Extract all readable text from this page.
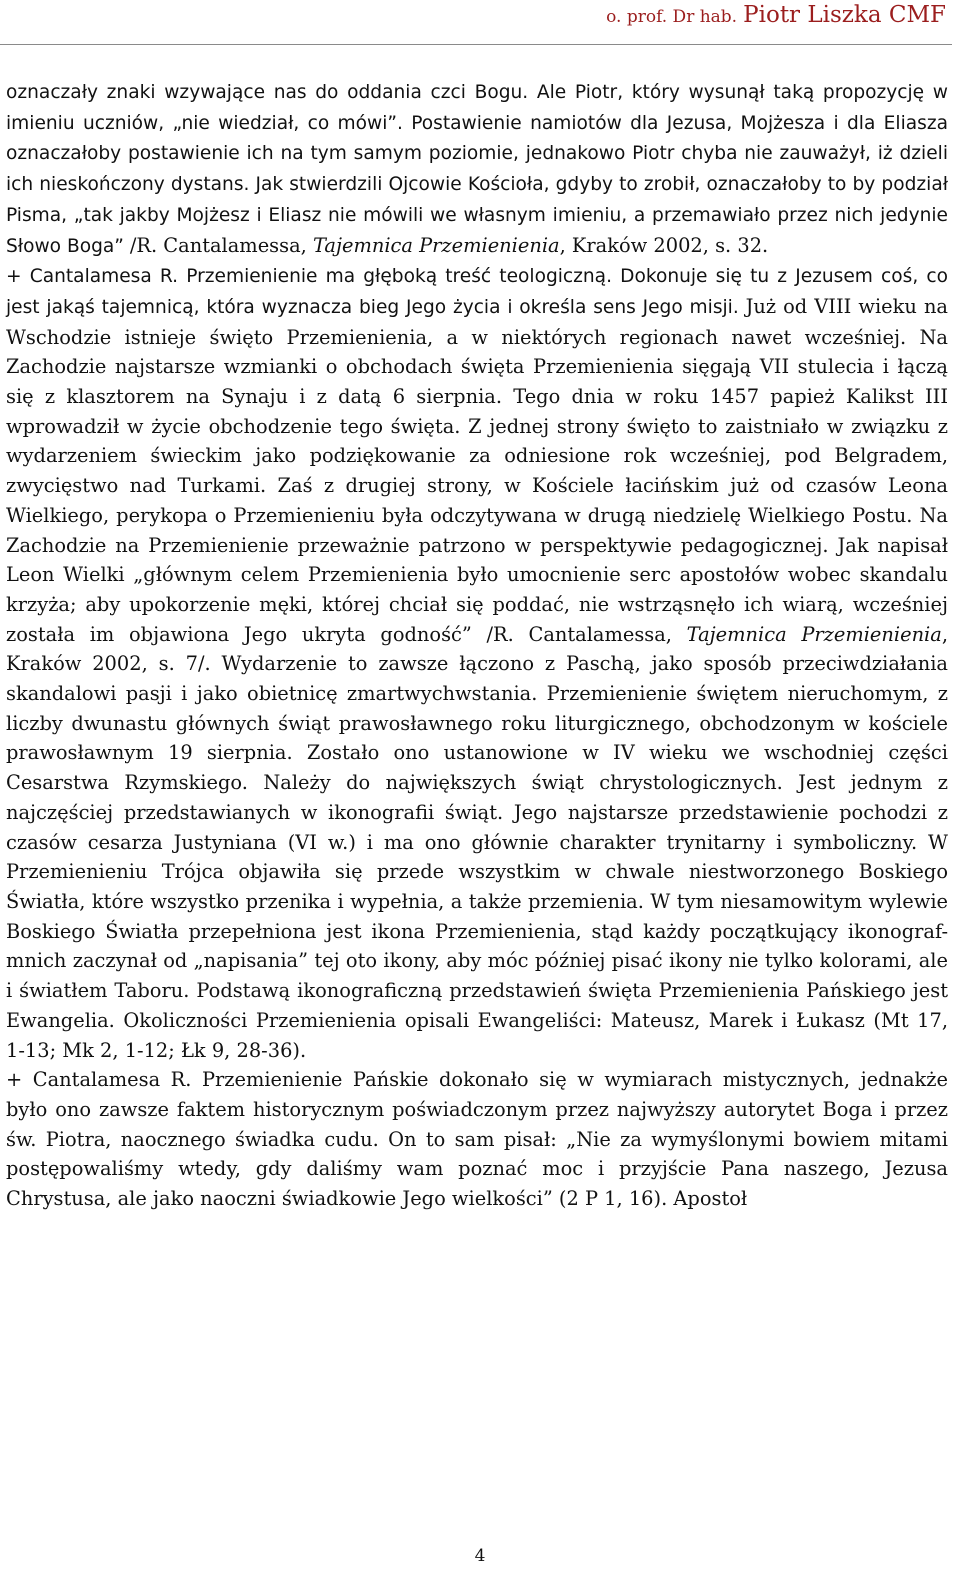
o. prof. Dr hab. Piotr Liszka CMF

oznaczały znaki wzywające nas do oddania czci Bogu. Ale Piotr, który wysunął taką propozycję w imieniu uczniów, „nie wiedział, co mówi”. Postawienie namiotów dla Jezusa, Mojżesza i dla Eliasza oznaczałoby postawienie ich na tym samym poziomie, jednakowo Piotr chyba nie zauważył, iż dzieli ich nieskończony dystans. Jak stwierdzili Ojcowie Kościoła, gdyby to zrobił, oznaczałoby to by podział Pisma, „tak jakby Mojżesz i Eliasz nie mówili we własnym imieniu, a przemawiało przez nich jedynie Słowo Boga” /R. Cantalamessa, Tajemnica Przemienienia, Kraków 2002, s. 32.

+ Cantalamesa R. Przemienienie ma głęboką treść teologiczną. Dokonuje się tu z Jezusem coś, co jest jakąś tajemnicą, która wyznacza bieg Jego życia i określa sens Jego misji. Już od VIII wieku na Wschodzie istnieje święto Przemienienia, a w niektórych regionach nawet wcześniej. Na Zachodzie najstarsze wzmianki o obchodach święta Przemienienia sięgają VII stulecia i łączą się z klasztorem na Synaju i z datą 6 sierpnia. Tego dnia w roku 1457 papież Kalikst III wprowadził w życie obchodzenie tego święta. Z jednej strony święto to zaistniało w związku z wydarzeniem świeckim jako podziękowanie za odniesione rok wcześniej, pod Belgradem, zwycięstwo nad Turkami. Zaś z drugiej strony, w Kościele łacińskim już od czasów Leona Wielkiego, perykopa o Przemienieniu była odczytywana w drugą niedzielę Wielkiego Postu. Na Zachodzie na Przemienienie przeważnie patrzono w perspektywie pedagogicznej. Jak napisał Leon Wielki „głównym celem Przemienienia było umocnienie serc apostołów wobec skandalu krzyża; aby upokorzenie męki, której chciał się poddać, nie wstrząsnęło ich wiarą, wcześniej została im objawiona Jego ukryta godność” /R. Cantalamessa, Tajemnica Przemienienia, Kraków 2002, s. 7/. Wydarzenie to zawsze łączono z Paschą, jako sposób przeciwdziałania skandalowi pasji i jako obietnicę zmartwychwstania. Przemienienie świętem nieruchomym, z liczby dwunastu głównych świąt prawosławnego roku liturgicznego, obchodzonym w kościele prawosławnym 19 sierpnia. Zostało ono ustanowione w IV wieku we wschodniej części Cesarstwa Rzymskiego. Należy do największych świąt chrystologicznych. Jest jednym z najczęściej przedstawianych w ikonografii świąt. Jego najstarsze przedstawienie pochodzi z czasów cesarza Justyniana (VI w.) i ma ono głównie charakter trynitarny i symboliczny. W Przemienieniu Trójca objawiła się przede wszystkim w chwale niestworzonego Boskiego Światła, które wszystko przenika i wypełnia, a także przemienia. W tym niesamowitym wylewie Boskiego Światła przepełniona jest ikona Przemienienia, stąd każdy początkujący ikonograf-mnich zaczynał od „napisania” tej oto ikony, aby móc później pisać ikony nie tylko kolorami, ale i światłem Taboru. Podstawą ikonograficzną przedstawień święta Przemienienia Pańskiego jest Ewangelia. Okoliczności Przemienienia opisali Ewangeliści: Mateusz, Marek i Łukasz (Mt 17, 1-13; Mk 2, 1-12; Łk 9, 28-36).

+ Cantalamesa R. Przemienienie Pańskie dokonało się w wymiarach mistycznych, jednakże było ono zawsze faktem historycznym poświadczonym przez najwyższy autorytet Boga i przez św. Piotra, naocznego świadka cudu. On to sam pisał: „Nie za wymyślonymi bowiem mitami postępowaliśmy wtedy, gdy daliśmy wam poznać moc i przyjście Pana naszego, Jezusa Chrystusa, ale jako naoczni świadkowie Jego wielkości” (2 P 1, 16). Apostoł

4
